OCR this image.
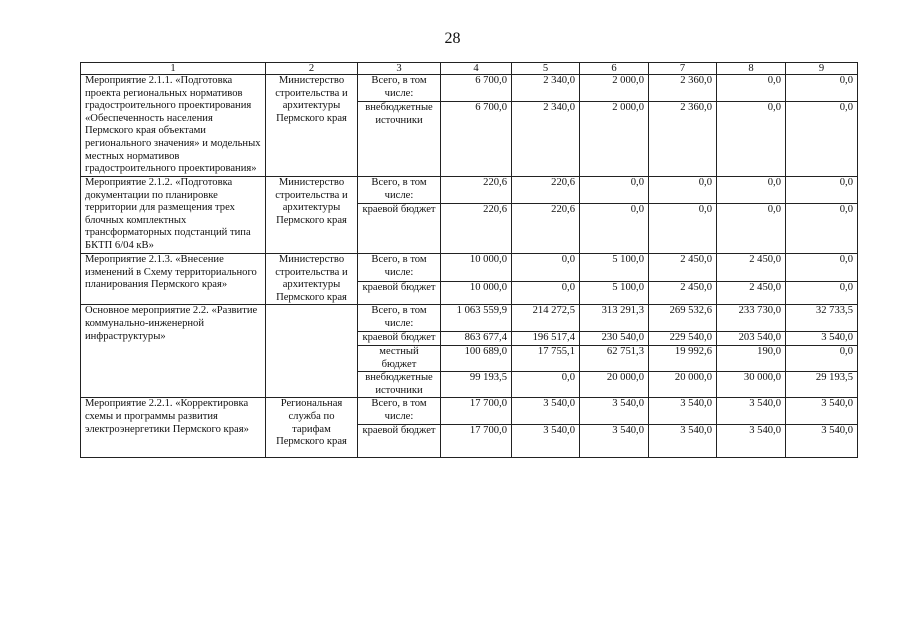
28
1	2	3	4	5	6	7	8	9
Мероприятие 2.1.1. «Подготовка проекта региональных нормативов градостроительного проектирования «Обеспеченность населения Пермского края объектами регионального значения» и модельных местных нормативов градостроительного проектирования»	Министерство строительства и архитектуры Пермского края	Всего, в том числе:	6 700,0	2 340,0	2 000,0	2 360,0	0,0	0,0
		внебюджетные источники	6 700,0	2 340,0	2 000,0	2 360,0	0,0	0,0
Мероприятие 2.1.2. «Подготовка документации по планировке территории для размещения трех блочных комплектных трансформаторных подстанций типа БКТП 6/04 кВ»	Министерство строительства и архитектуры Пермского края	Всего, в том числе:	220,6	220,6	0,0	0,0	0,0	0,0
		краевой бюджет	220,6	220,6	0,0	0,0	0,0	0,0
Мероприятие 2.1.3. «Внесение изменений в Схему территориального планирования Пермского края»	Министерство строительства и архитектуры Пермского края	Всего, в том числе:	10 000,0	0,0	5 100,0	2 450,0	2 450,0	0,0
		краевой бюджет	10 000,0	0,0	5 100,0	2 450,0	2 450,0	0,0
Основное мероприятие 2.2. «Развитие коммунально-инженерной инфраструктуры»		Всего, в том числе:	1 063 559,9	214 272,5	313 291,3	269 532,6	233 730,0	32 733,5
		краевой бюджет	863 677,4	196 517,4	230 540,0	229 540,0	203 540,0	3 540,0
		местный бюджет	100 689,0	17 755,1	62 751,3	19 992,6	190,0	0,0
		внебюджетные источники	99 193,5	0,0	20 000,0	20 000,0	30 000,0	29 193,5
Мероприятие 2.2.1. «Корректировка схемы и программы развития электроэнергетики Пермского края»	Региональная служба по тарифам Пермского края	Всего, в том числе:	17 700,0	3 540,0	3 540,0	3 540,0	3 540,0	3 540,0
		краевой бюджет	17 700,0	3 540,0	3 540,0	3 540,0	3 540,0	3 540,0
